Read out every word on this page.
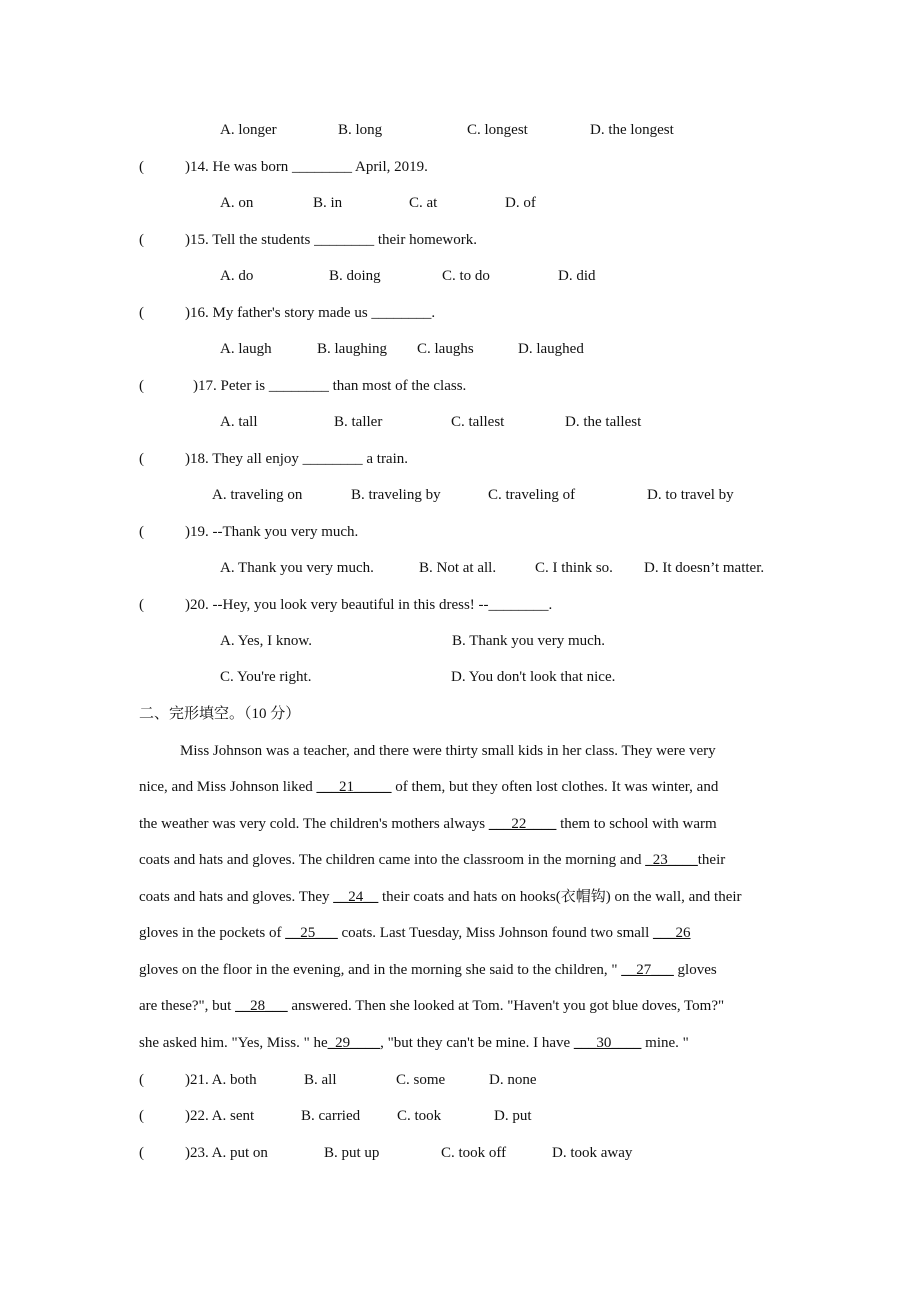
A. longer	B. long	C. longest	D. the longest
(	)14. He was born ________ April, 2019.
A. on	B. in	C. at	D. of
(	)15. Tell the students ________ their homework.
A. do	B. doing	C. to do	D. did
(	)16. My father's story made us ________.
A. laugh	B. laughing C. laughs	D. laughed
(	)17. Peter is ________ than most of the class.
A. tall	B. taller	C. tallest	D. the tallest
(	)18. They all enjoy ________ a train.
A. traveling on	B. traveling by	C. traveling of	D. to travel by
(	)19. --Thank you very much.
A. Thank you very much.	B. Not at all.	C. I think so. D. It doesn’t matter.
(	)20. --Hey, you look very beautiful in this dress! --________.
A. Yes, I know.	B. Thank you very much.
C. You're right.	D. You don't look that nice.
二、完形填空。（10 分）
Miss Johnson was a teacher, and there were thirty small kids in her class. They were very
nice, and Miss Johnson liked ___21_____ of them, but they often lost clothes. It was winter, and
the weather was very cold. The children's mothers always ___22____ them to school with warm
coats and hats and gloves. The children came into the classroom in the morning and _23____their
coats and hats and gloves. They __24__ their coats and hats on hooks(衣帽钩) on the wall, and their
gloves in the pockets of __25___ coats. Last Tuesday, Miss Johnson found two small ___26
gloves on the floor in the evening, and in the morning she said to the children, " __27___ gloves
are these?", but __28___ answered. Then she looked at Tom. "Haven't you got blue doves, Tom?"
she asked him. "Yes, Miss. " he_29____, "but they can't be mine. I have ___30____ mine. "
(	)21. A. both	B. all	C. some	D. none
(	)22. A. sent	B. carried C. took	D. put
(	)23. A. put on	B. put up	C. took off	D. took away
